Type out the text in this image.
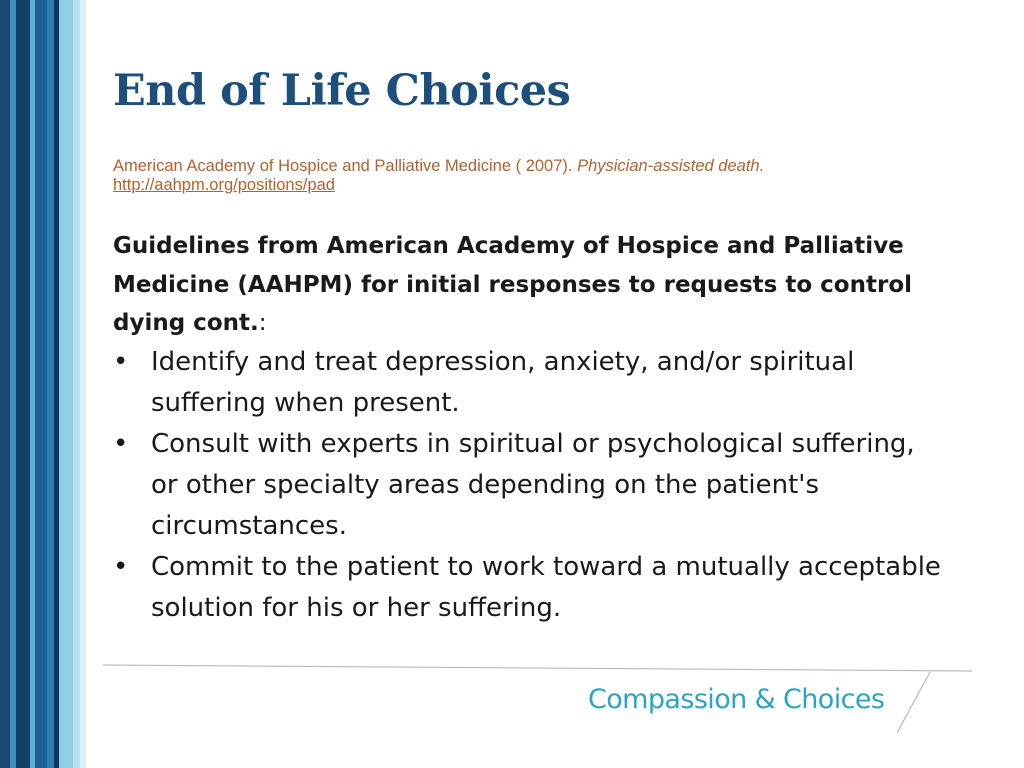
End of Life Choices
American Academy of Hospice and Palliative Medicine ( 2007). Physician-assisted death.
http://aahpm.org/positions/pad

Guidelines from American Academy of Hospice and Palliative Medicine (AAHPM) for initial responses to requests to control dying cont.:

• Identify and treat depression, anxiety, and/or spiritual suffering when present.
• Consult with experts in spiritual or psychological suffering, or other specialty areas depending on the patient's circumstances.
• Commit to the patient to work toward a mutually acceptable solution for his or her suffering.
Compassion & Choices
